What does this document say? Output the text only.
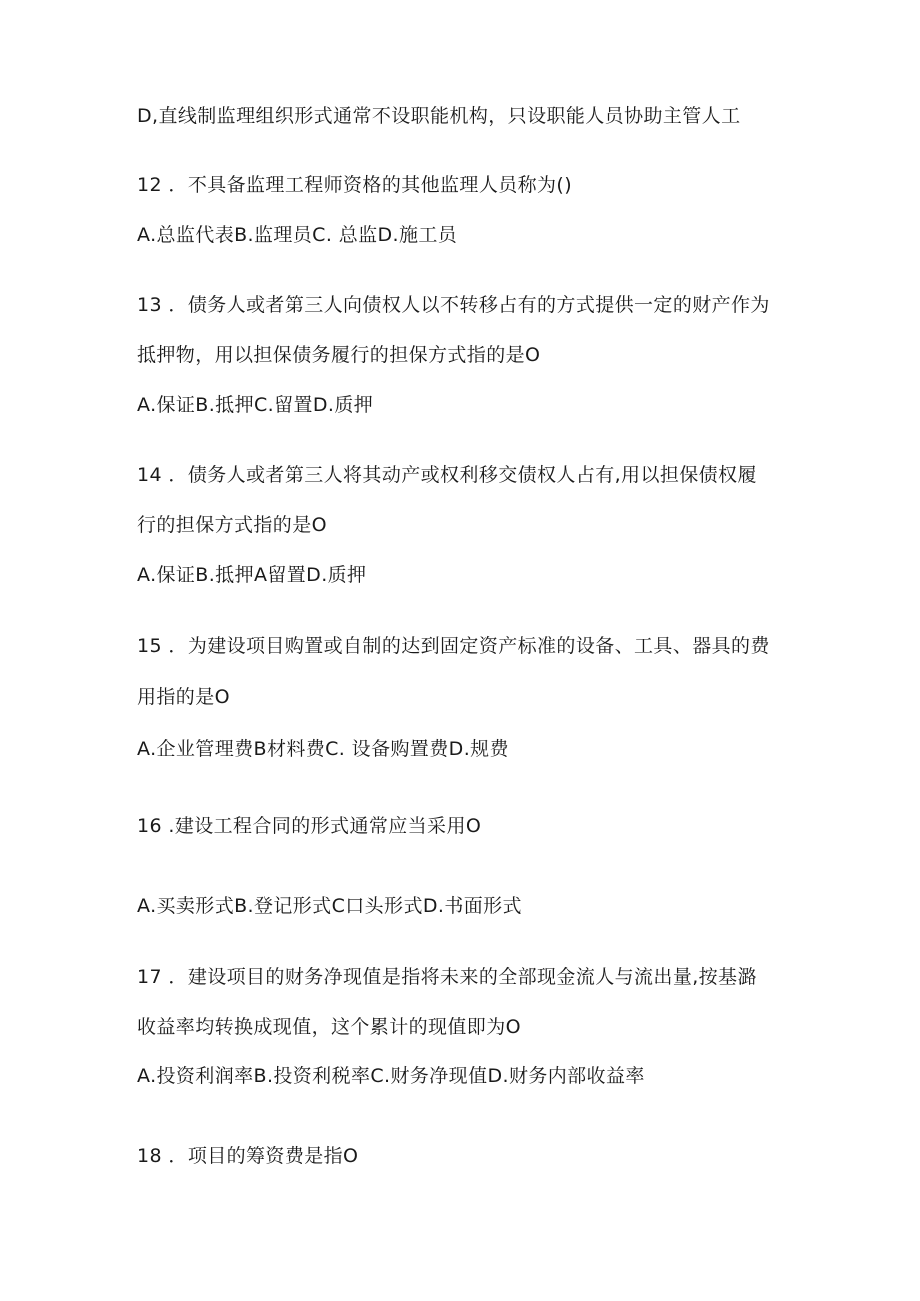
D,直线制监理组织形式通常不设职能机构，只设职能人员协助主管人工
12 ．不具备监理工程师资格的其他监理人员称为()
A.总监代表B.监理员C. 总监D.施工员
13 ．债务人或者第三人向债权人以不转移占有的方式提供一定的财产作为
抵押物，用以担保债务履行的担保方式指的是O
A.保证B.抵押C.留置D.质押
14 ．债务人或者第三人将其动产或权利移交债权人占有,用以担保债权履
行的担保方式指的是O
A.保证B.抵押A留置D.质押
15 ．为建设项目购置或自制的达到固定资产标准的设备、工具、器具的费
用指的是O
A.企业管理费B材料费C. 设备购置费D.规费
16 .建设工程合同的形式通常应当采用O
A.买卖形式B.登记形式C口头形式D.书面形式
17 ．建设项目的财务净现值是指将未来的全部现金流人与流出量,按基潞
收益率均转换成现值，这个累计的现值即为O
A.投资利润率B.投资利税率C.财务净现值D.财务内部收益率
18 ．项目的筹资费是指O
